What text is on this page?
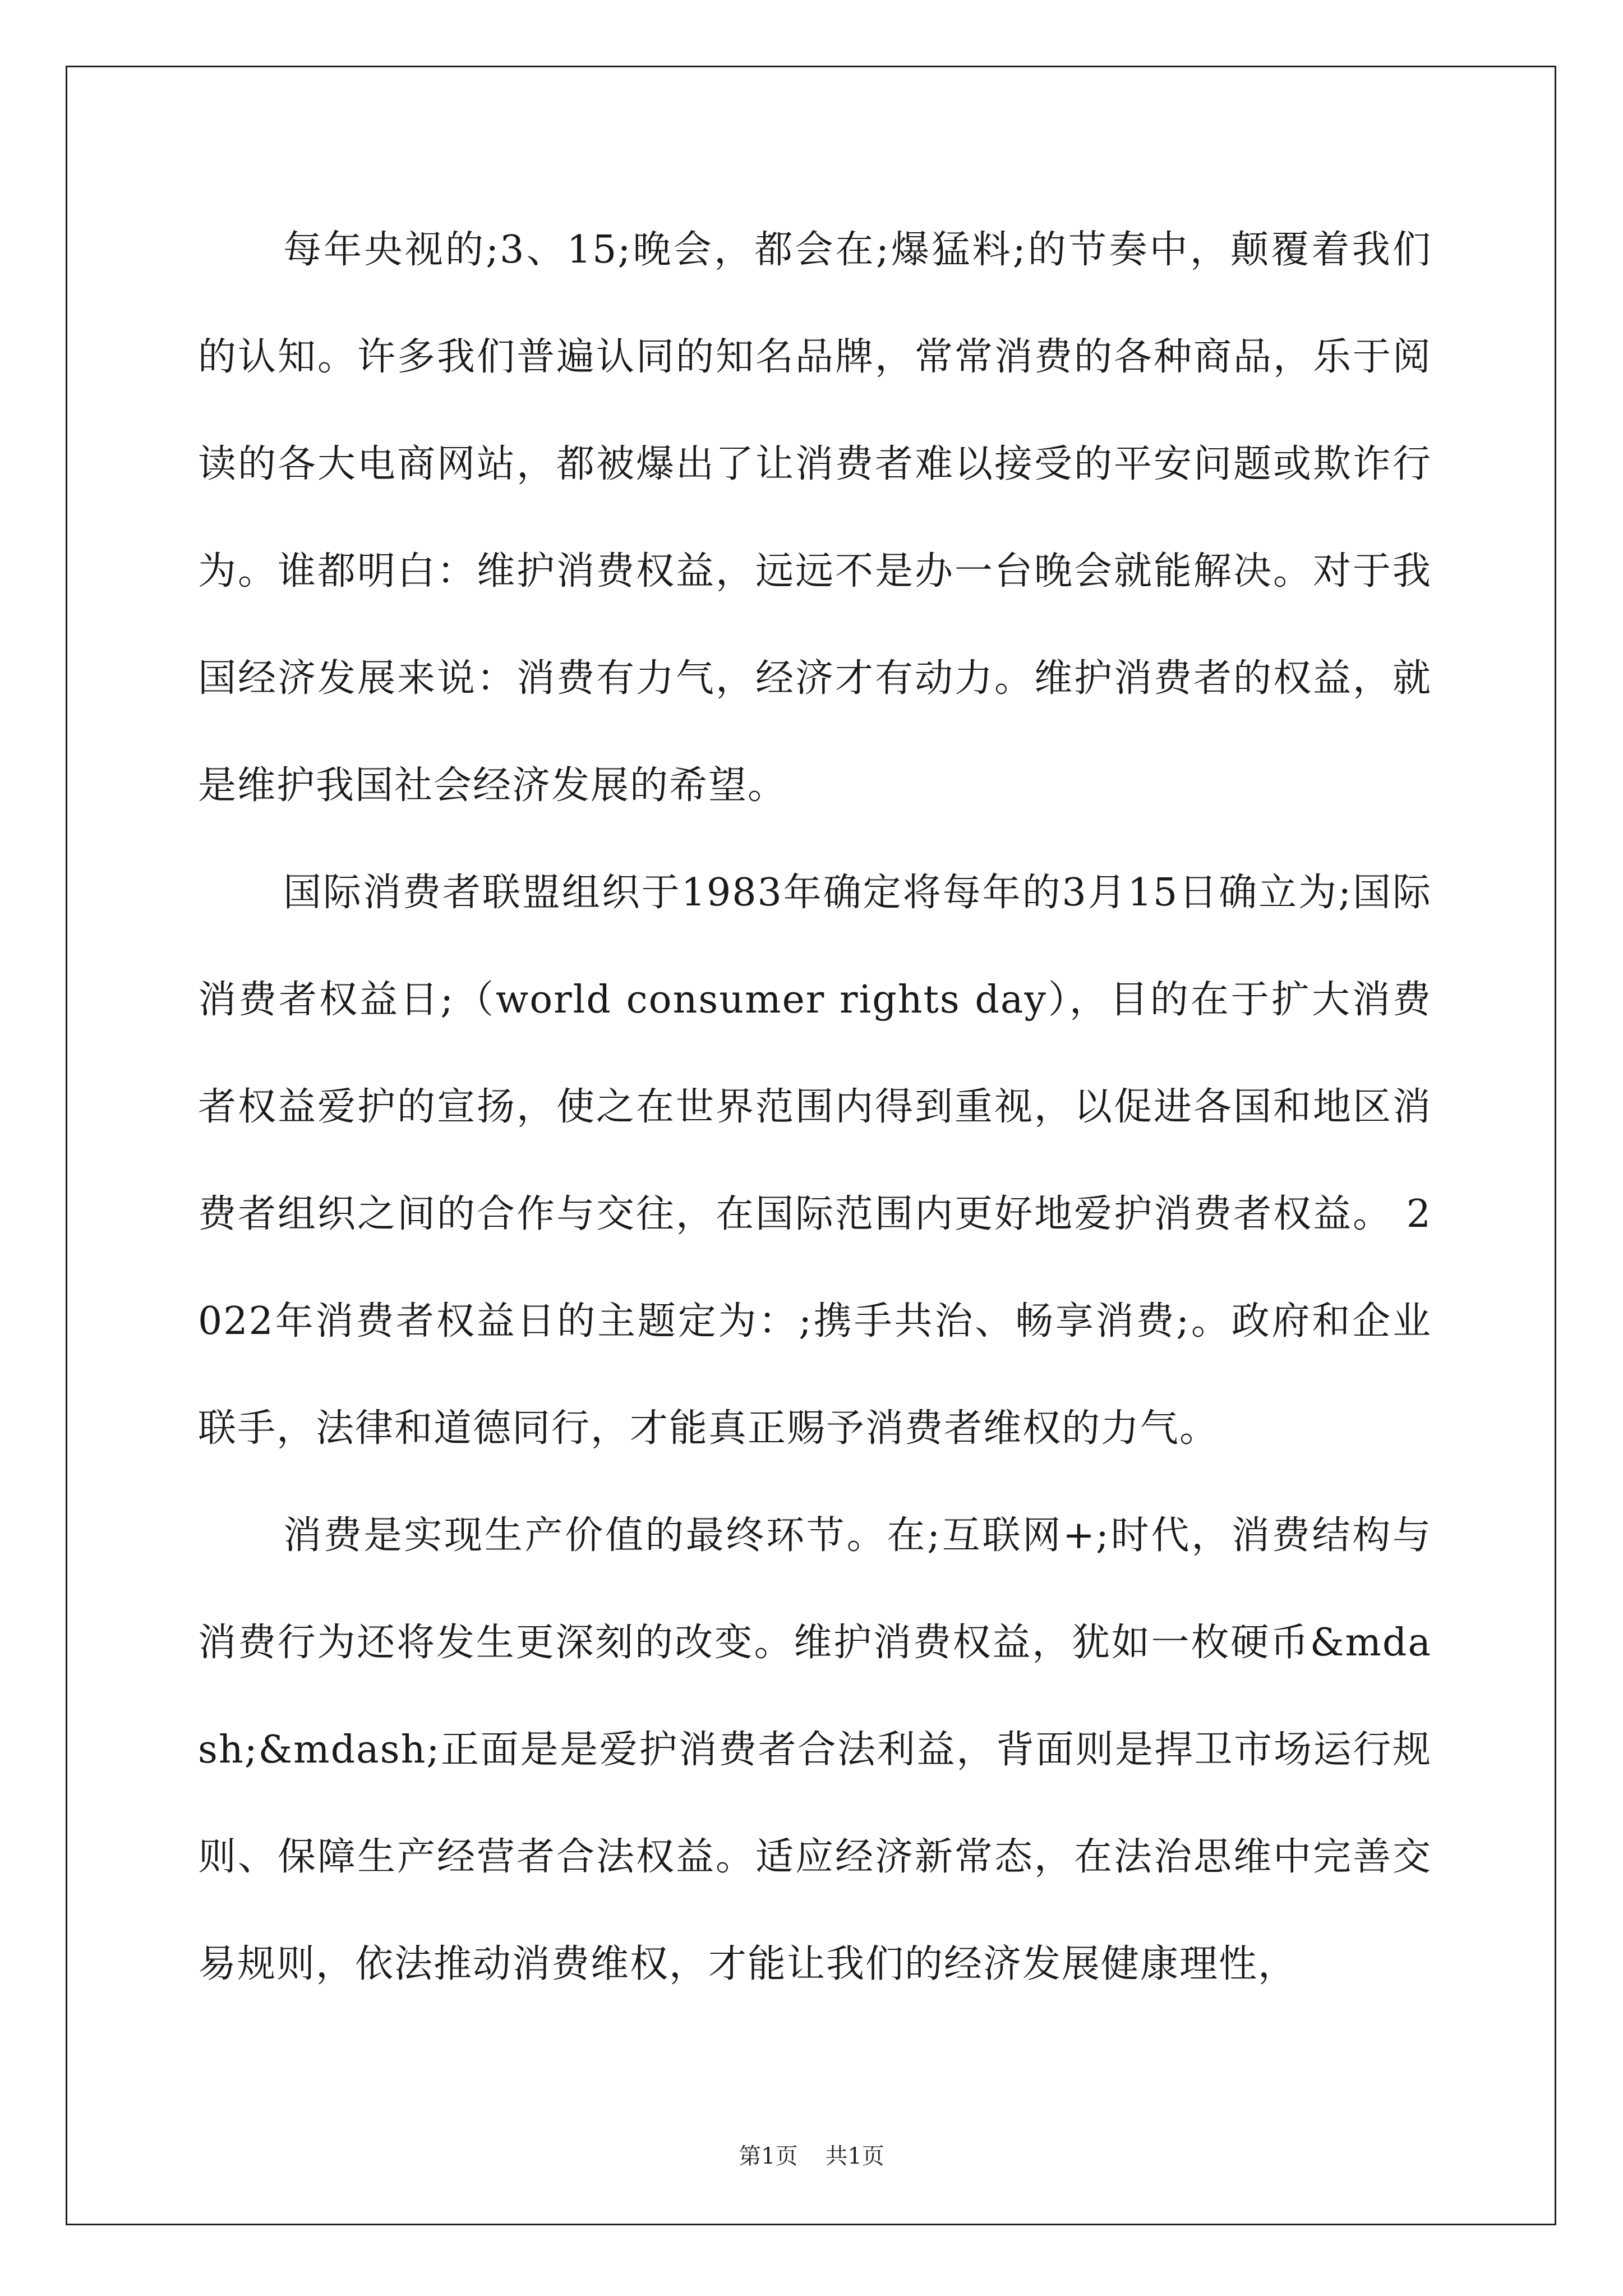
每年央视的;3、15;晚会，都会在;爆猛料;的节奏中，颠覆着我们的认知。许多我们普遍认同的知名品牌，常常消费的各种商品，乐于阅读的各大电商网站，都被爆出了让消费者难以接受的平安问题或欺诈行为。谁都明白：维护消费权益，远远不是办一台晚会就能解决。对于我国经济发展来说：消费有力气，经济才有动力。维护消费者的权益，就是维护我国社会经济发展的希望。

国际消费者联盟组织于1983年确定将每年的3月15日确立为;国际消费者权益日;（world consumer rights day），目的在于扩大消费者权益爱护的宣扬，使之在世界范围内得到重视，以促进各国和地区消费者组织之间的合作与交往，在国际范围内更好地爱护消费者权益。 2022年消费者权益日的主题定为：;携手共治、畅享消费;。政府和企业联手，法律和道德同行，才能真正赐予消费者维权的力气。

消费是实现生产价值的最终环节。在;互联网+;时代，消费结构与消费行为还将发生更深刻的改变。维护消费权益，犹如一枚硬币&mdash;&mdash;正面是是爱护消费者合法利益，背面则是捍卫市场运行规则、保障生产经营者合法权益。适应经济新常态，在法治思维中完善交易规则，依法推动消费维权，才能让我们的经济发展健康理性，

第1页 共1页
